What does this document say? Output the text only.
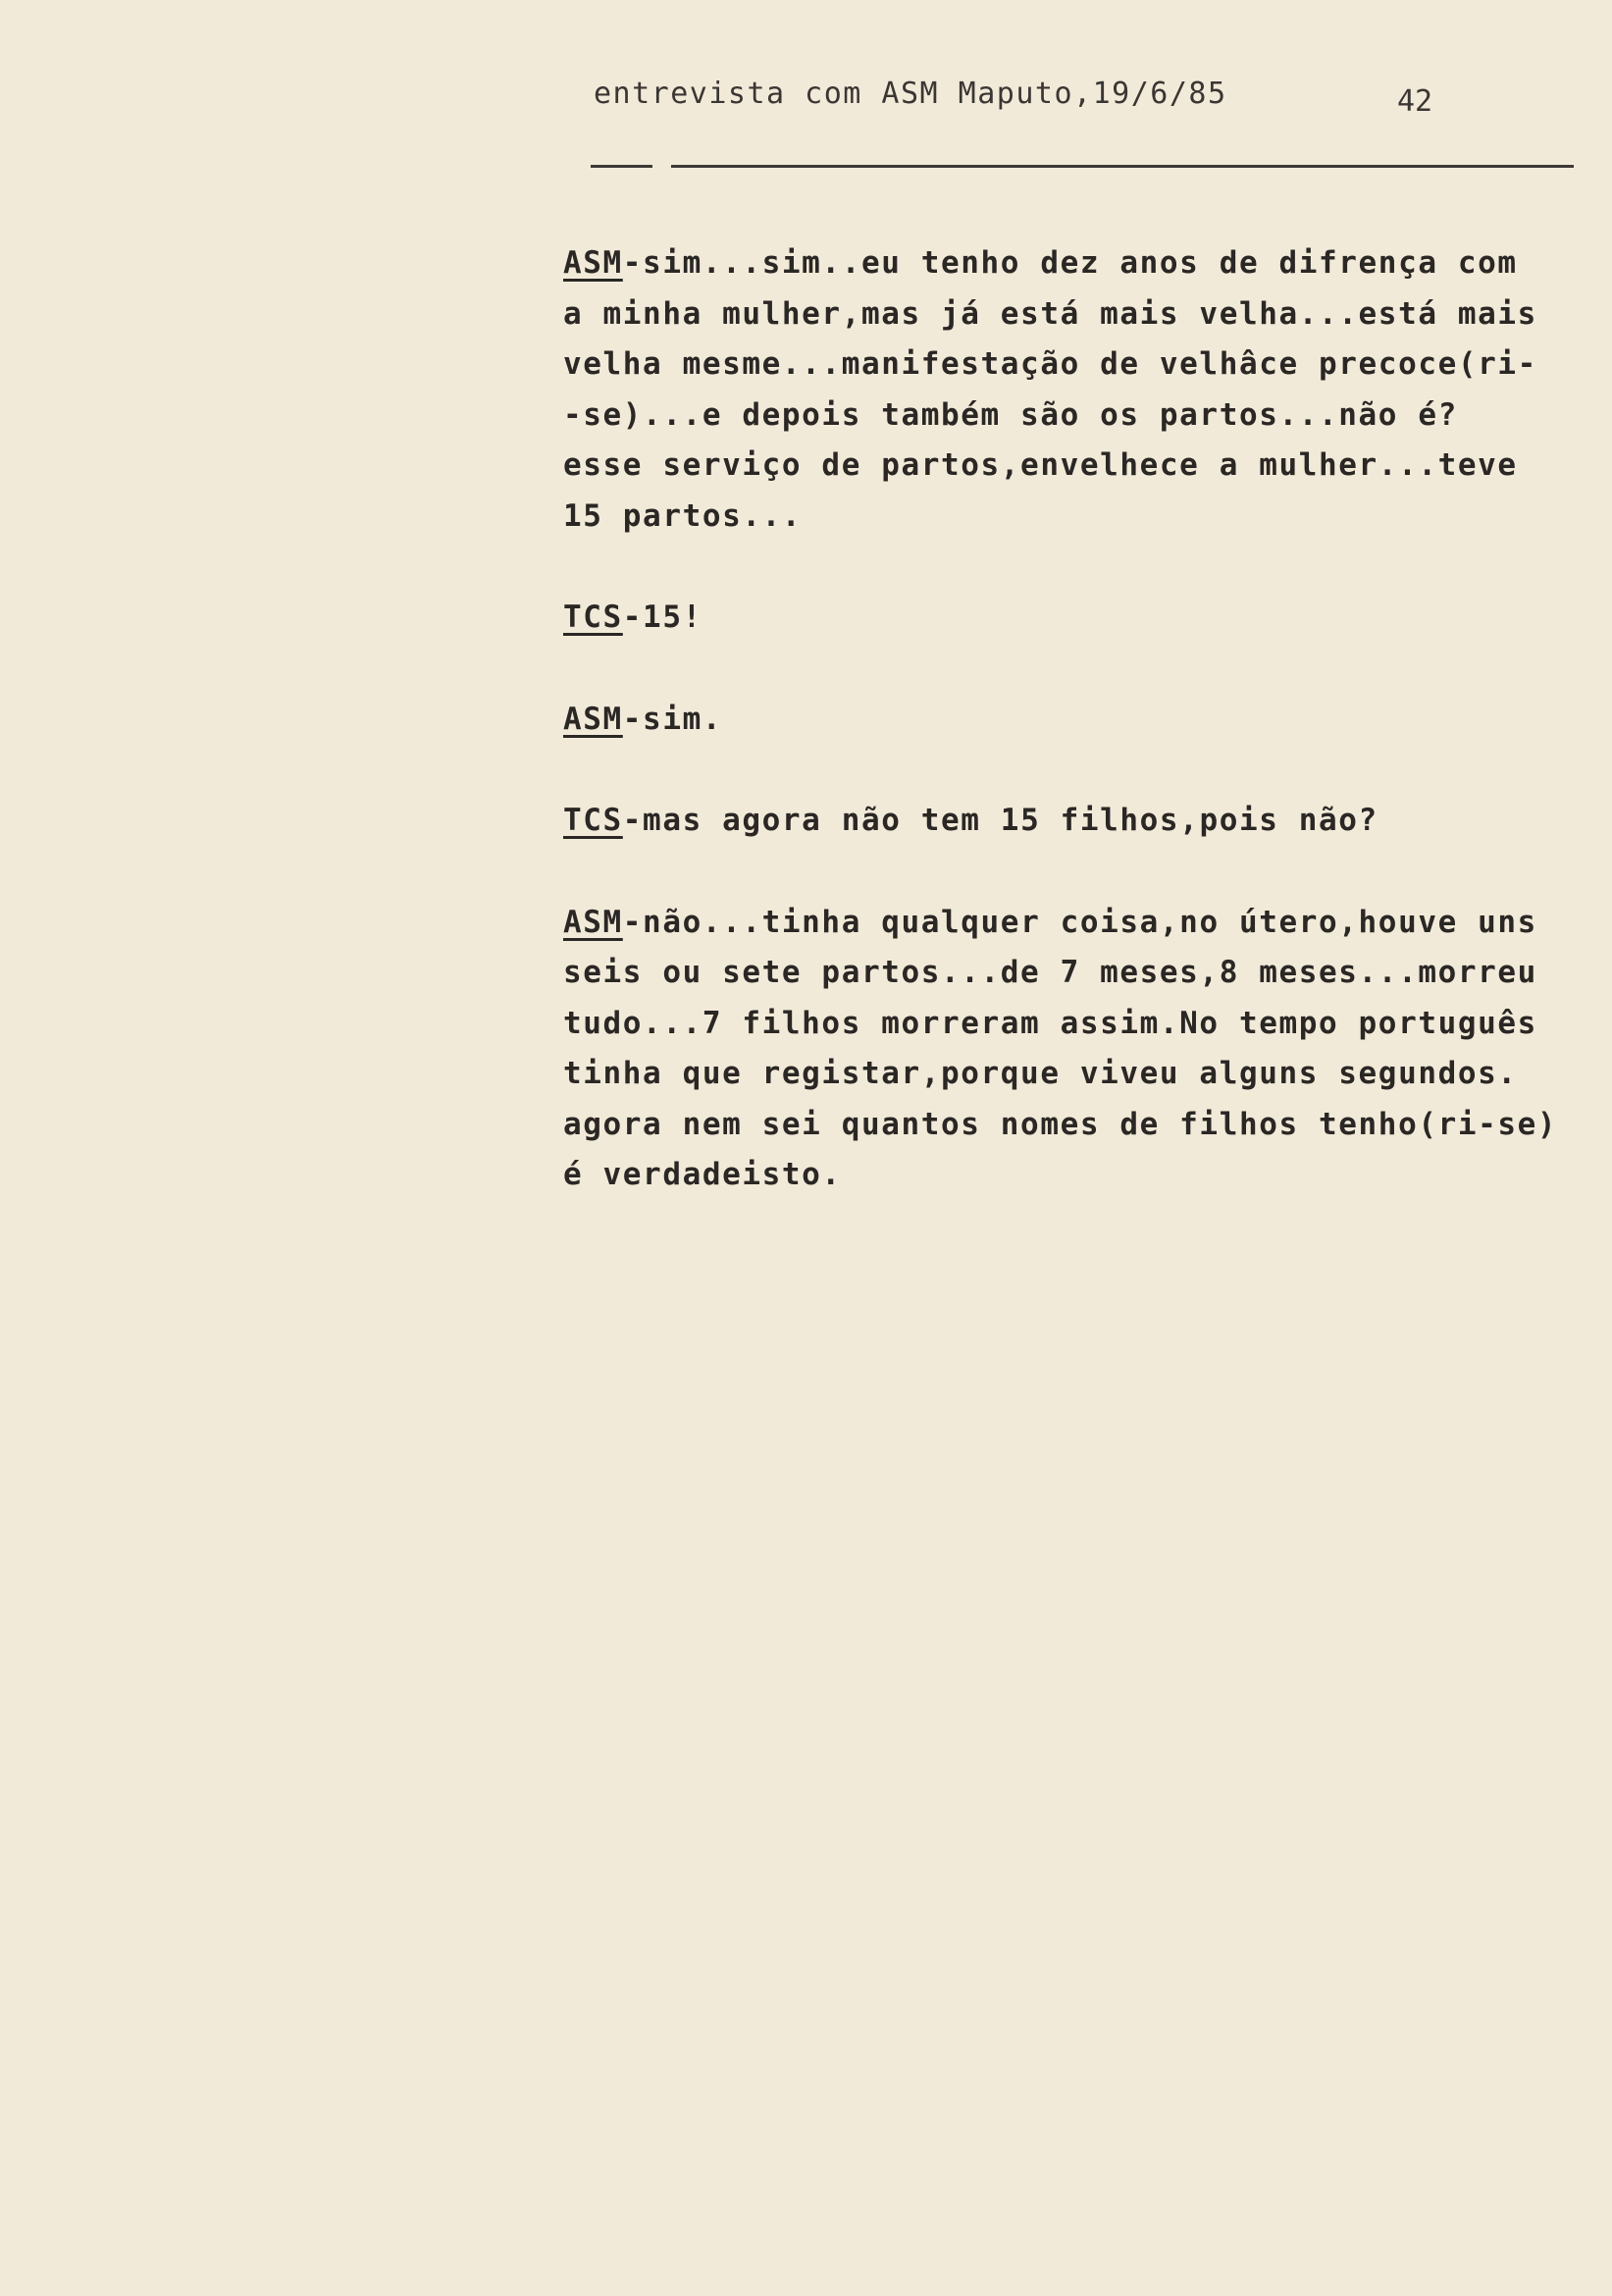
entrevista com ASM Maputo,19/6/85	42
ASM-sim...sim..eu tenho dez anos de difrença com
a minha mulher,mas já está mais velha...está mais
velha mesme...manifestação de velhâce precoce(ri-
-se)...e depois também são os partos...não é?
esse serviço de partos,envelhece a mulher...teve
15 partos...
TCS-15!
ASM-sim.
TCS-mas agora não tem 15 filhos,pois não?
ASM-não...tinha qualquer coisa,no útero,houve uns
seis ou sete partos...de 7 meses,8 meses...morreu
tudo...7 filhos morreram assim.No tempo português
tinha que registar,porque viveu alguns segundos.
agora nem sei quantos nomes de filhos tenho(ri-se)
é verdadeisto.
